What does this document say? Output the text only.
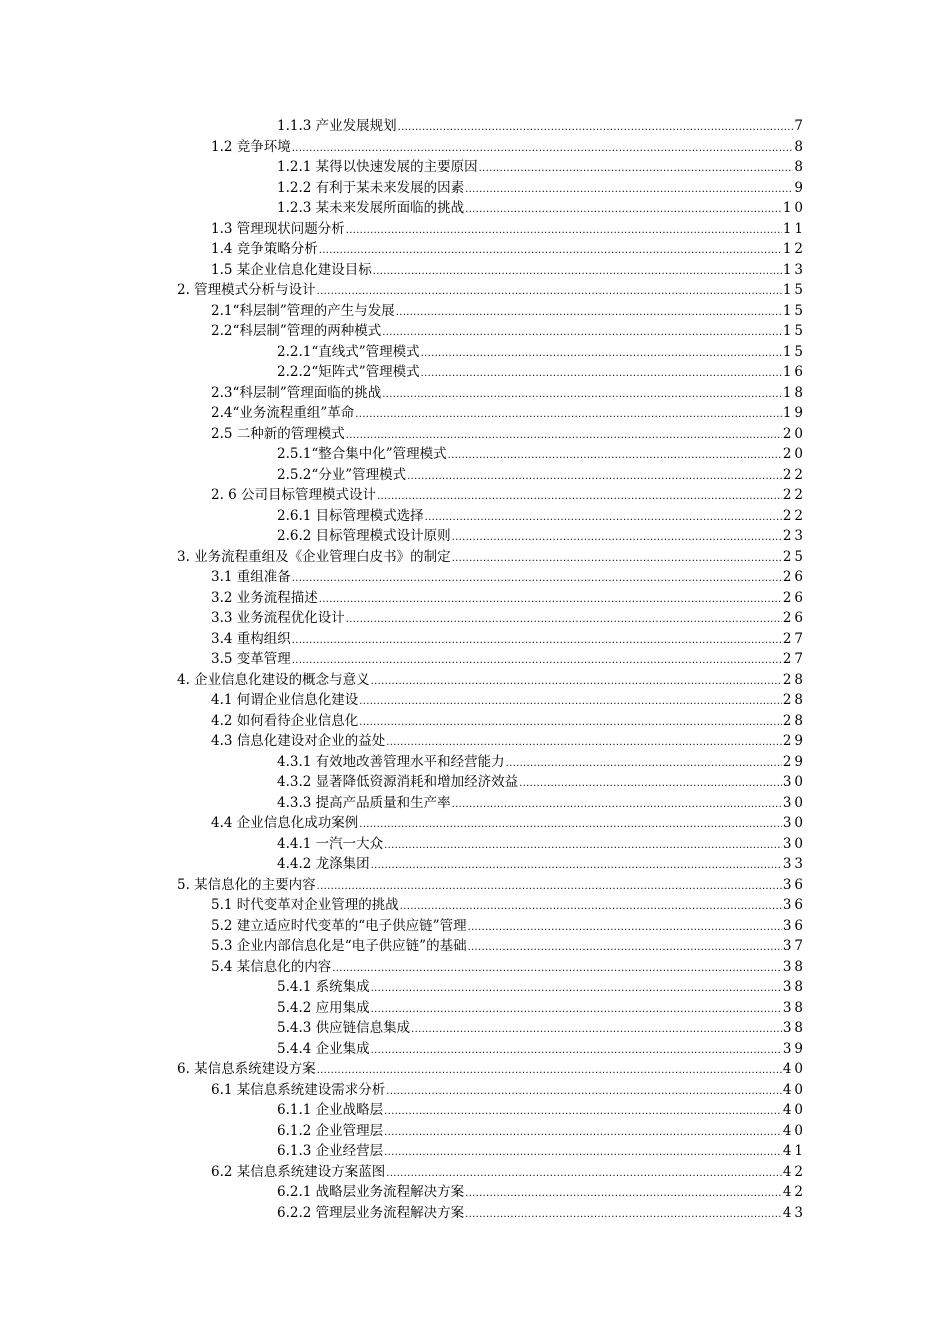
1.1.3 产业发展规划 .....	7
1.2 竞争环境 .....	8
1.2.1 某得以快速发展的主要原因 .....	8
1.2.2 有利于某未来发展的因素 .....	9
1.2.3 某未来发展所面临的挑战 .....	10
1.3 管理现状问题分析 .....	11
1.4 竞争策略分析 .....	12
1.5 某企业信息化建设目标 .....	13
2. 管理模式分析与设计 .....	15
2.1“科层制”管理的产生与发展 .....	15
2.2“科层制”管理的两种模式 .....	15
2.2.1“直线式”管理模式 .....	15
2.2.2“矩阵式”管理模式 .....	16
2.3“科层制”管理面临的挑战 .....	18
2.4“业务流程重组”革命 .....	19
2.5 二种新的管理模式 .....	20
2.5.1“整合集中化”管理模式 .....	20
2.5.2“分业”管理模式 .....	22
2. 6 公司目标管理模式设计 .....	22
2.6.1 目标管理模式选择 .....	22
2.6.2 目标管理模式设计原则 .....	23
3. 业务流程重组及《企业管理白皮书》的制定 .....	25
3.1 重组准备 .....	26
3.2 业务流程描述 .....	26
3.3 业务流程优化设计 .....	26
3.4 重构组织 .....	27
3.5 变革管理 .....	27
4. 企业信息化建设的概念与意义 .....	28
4.1 何谓企业信息化建设 .....	28
4.2 如何看待企业信息化 .....	28
4.3 信息化建设对企业的益处 .....	29
4.3.1 有效地改善管理水平和经营能力 .....	29
4.3.2 显著降低资源消耗和增加经济效益 .....	30
4.3.3 提高产品质量和生产率 .....	30
4.4 企业信息化成功案例 .....	30
4.4.1 一汽一大众 .....	30
4.4.2 龙涤集团 .....	33
5. 某信息化的主要内容 .....	36
5.1 时代变革对企业管理的挑战 .....	36
5.2 建立适应时代变革的“电子供应链”管理 .....	36
5.3 企业内部信息化是“电子供应链”的基础 .....	37
5.4 某信息化的内容 .....	38
5.4.1 系统集成 .....	38
5.4.2 应用集成 .....	38
5.4.3 供应链信息集成 .....	38
5.4.4 企业集成 .....	39
6. 某信息系统建设方案 .....	40
6.1 某信息系统建设需求分析 .....	40
6.1.1 企业战略层 .....	40
6.1.2 企业管理层 .....	40
6.1.3 企业经营层 .....	41
6.2 某信息系统建设方案蓝图 .....	42
6.2.1 战略层业务流程解决方案 .....	42
6.2.2 管理层业务流程解决方案 .....	43
